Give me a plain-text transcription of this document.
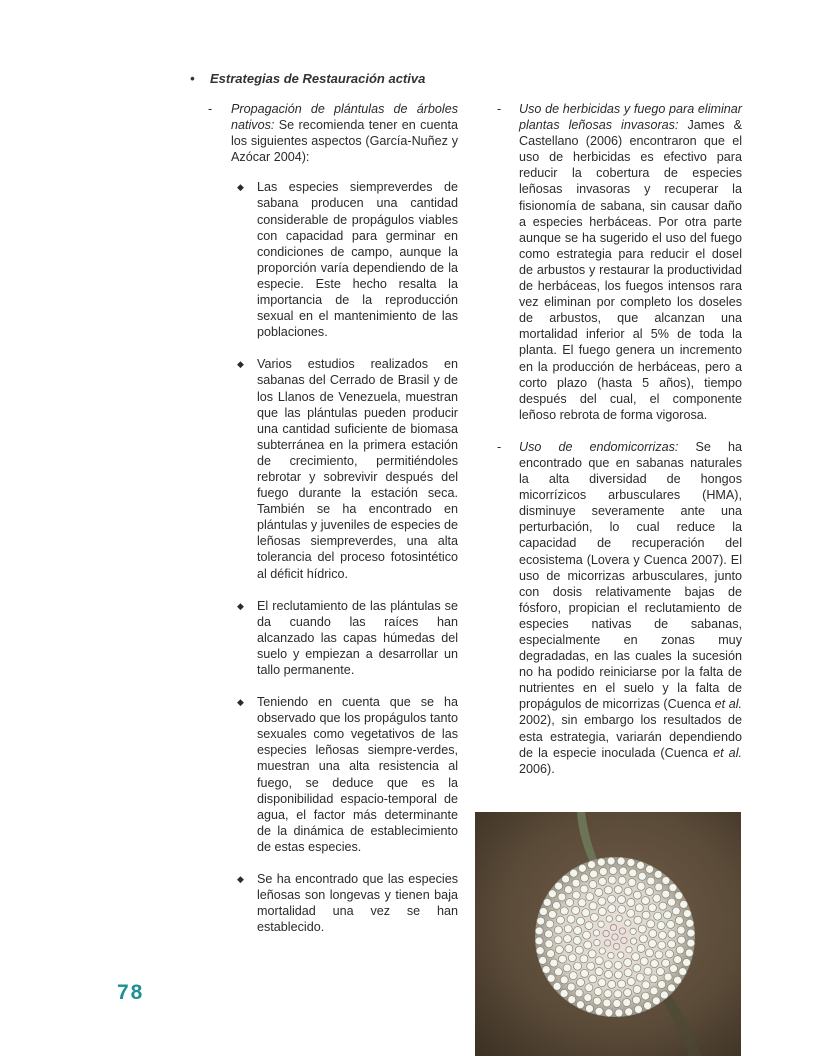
• Estrategias de Restauración activa
- Propagación de plántulas de árboles nativos: Se recomienda tener en cuenta los siguientes aspectos (García-Nuñez y Azócar 2004):
◆ Las especies siempreverdes de sabana producen una cantidad considerable de propágulos viables con capacidad para germinar en condiciones de campo, aunque la proporción varía dependiendo de la especie. Este hecho resalta la importancia de la reproducción sexual en el mantenimiento de las poblaciones.
◆ Varios estudios realizados en sabanas del Cerrado de Brasil y de los Llanos de Venezuela, muestran que las plántulas pueden producir una cantidad suficiente de biomasa subterránea en la primera estación de crecimiento, permitiéndoles rebrotar y sobrevivir después del fuego durante la estación seca. También se ha encontrado en plántulas y juveniles de especies de leñosas siempreverdes, una alta tolerancia del proceso fotosintético al déficit hídrico.
◆ El reclutamiento de las plántulas se da cuando las raíces han alcanzado las capas húmedas del suelo y empiezan a desarrollar un tallo permanente.
◆ Teniendo en cuenta que se ha observado que los propágulos tanto sexuales como vegetativos de las especies leñosas siempre-verdes, muestran una alta resistencia al fuego, se deduce que es la disponibilidad espacio-temporal de agua, el factor más determinante de la dinámica de establecimiento de estas especies.
◆ Se ha encontrado que las especies leñosas son longevas y tienen baja mortalidad una vez se han establecido.
- Uso de herbicidas y fuego para eliminar plantas leñosas invasoras: James & Castellano (2006) encontraron que el uso de herbicidas es efectivo para reducir la cobertura de especies leñosas invasoras y recuperar la fisionomía de sabana, sin causar daño a especies herbáceas. Por otra parte aunque se ha sugerido el uso del fuego como estrategia para reducir el dosel de arbustos y restaurar la productividad de herbáceas, los fuegos intensos rara vez eliminan por completo los doseles de arbustos, que alcanzan una mortalidad inferior al 5% de toda la planta. El fuego genera un incremento en la producción de herbáceas, pero a corto plazo (hasta 5 años), tiempo después del cual, el componente leñoso rebrota de forma vigorosa.
- Uso de endomicorrizas: Se ha encontrado que en sabanas naturales la alta diversidad de hongos micorrízicos arbusculares (HMA), disminuye severamente ante una perturbación, lo cual reduce la capacidad de recuperación del ecosistema (Lovera y Cuenca 2007). El uso de micorrizas arbusculares, junto con dosis relativamente bajas de fósforo, propician el reclutamiento de especies nativas de sabanas, especialmente en zonas muy degradadas, en las cuales la sucesión no ha podido reiniciarse por la falta de nutrientes en el suelo y la falta de propágulos de micorrizas (Cuenca et al. 2002), sin embargo los resultados de esta estrategia, variarán dependiendo de la especie inoculada (Cuenca et al. 2006).
78
